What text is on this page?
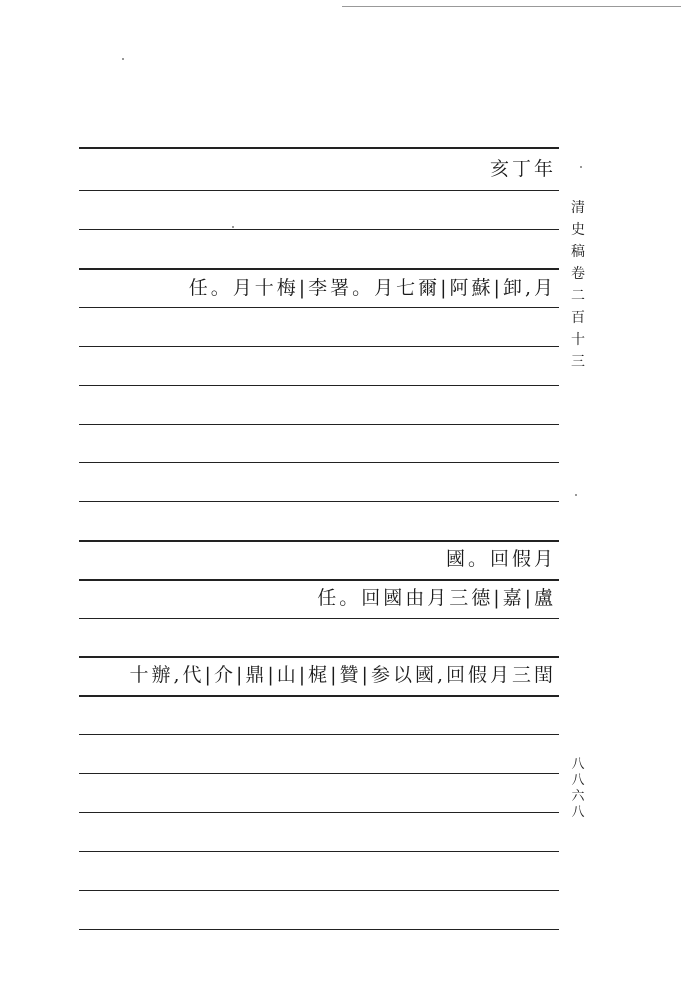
亥丁年
任。月十梅|李署。月七爾|阿蘇|卸,月
國。回假月
任。回國由月三德|嘉|盧
十辦,代|介|鼎|山|梶|贊|参以國,回假月三閏
清
史
稿
卷
二
百
十
三
八
八
六
八
